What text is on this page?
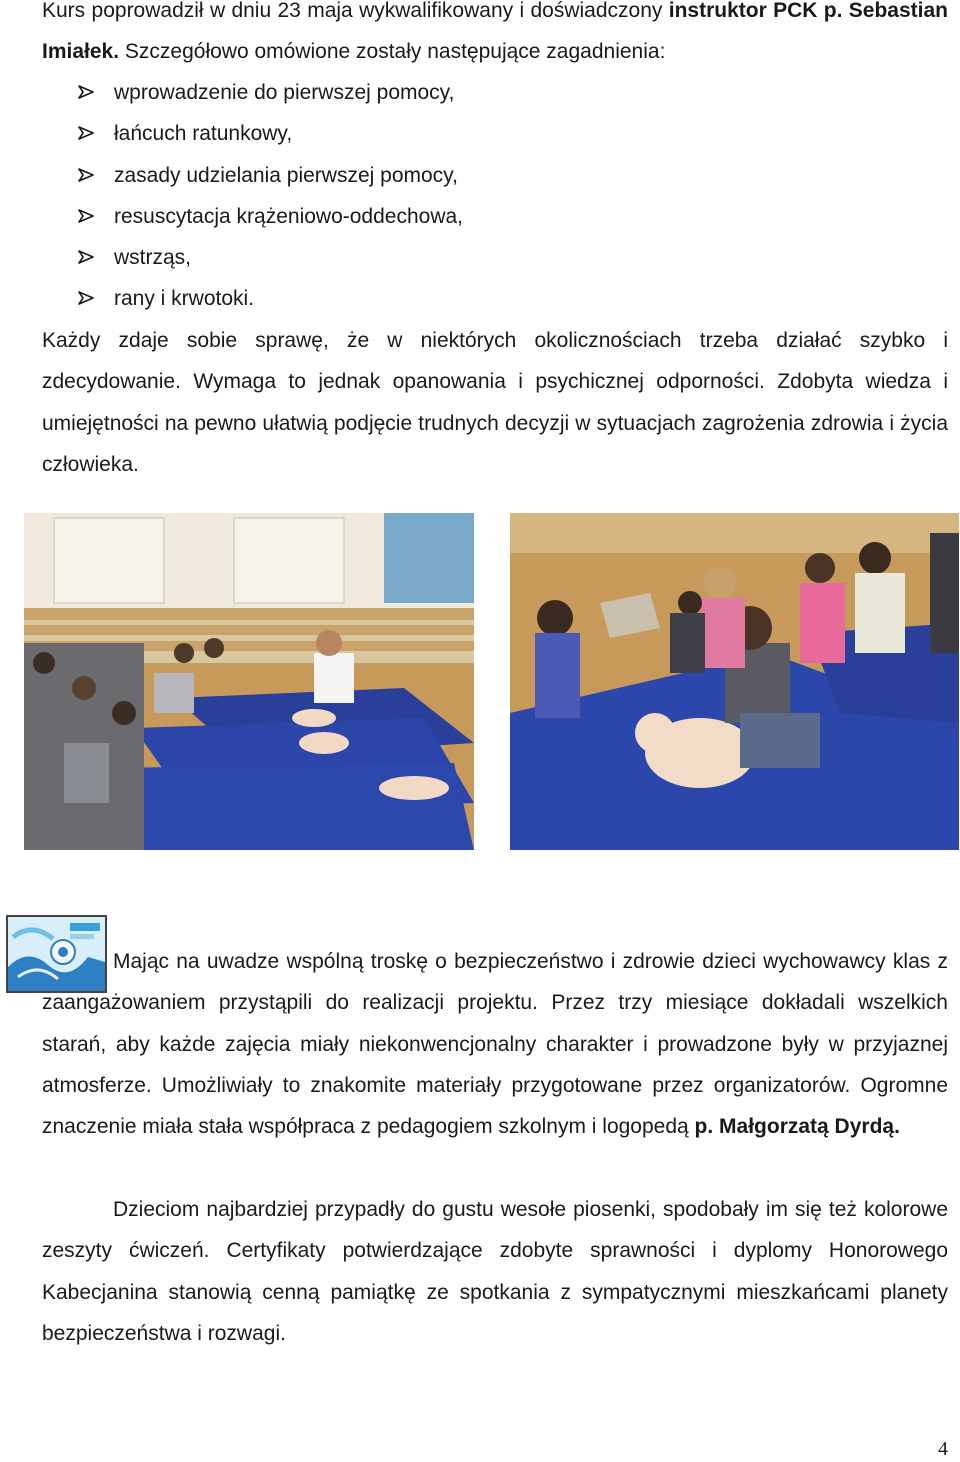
Kurs poprowadził w dniu 23 maja wykwalifikowany i doświadczony instruktor PCK p. Sebastian Imiałek. Szczegółowo omówione zostały następujące zagadnienia:
wprowadzenie do pierwszej pomocy,
łańcuch ratunkowy,
zasady udzielania pierwszej pomocy,
resuscytacja krążeniowo-oddechowa,
wstrząs,
rany i krwotoki.
Każdy zdaje sobie sprawę, że w niektórych okolicznościach trzeba działać szybko i zdecydowanie. Wymaga to jednak opanowania i psychicznej odporności. Zdobyta wiedza i umiejętności na pewno ułatwią podjęcie trudnych decyzji w sytuacjach zagrożenia zdrowia i życia człowieka.
Mając na uwadze wspólną troskę o bezpieczeństwo i zdrowie dzieci wychowawcy klas z zaangażowaniem przystąpili do realizacji projektu. Przez trzy miesiące dokładali wszelkich starań, aby każde zajęcia miały niekonwencjonalny charakter i prowadzone były w przyjaznej atmosferze. Umożliwiały to znakomite materiały przygotowane przez organizatorów. Ogromne znaczenie miała stała współpraca z pedagogiem szkolnym i logopedą p. Małgorzatą Dyrdą.
Dzieciom najbardziej przypadły do gustu wesołe piosenki, spodobały im się też kolorowe zeszyty ćwiczeń. Certyfikaty potwierdzające zdobyte sprawności i dyplomy Honorowego Kabecjanina stanowią cenną pamiątkę ze spotkania z sympatycznymi mieszkańcami planety bezpieczeństwa i rozwagi.
4
